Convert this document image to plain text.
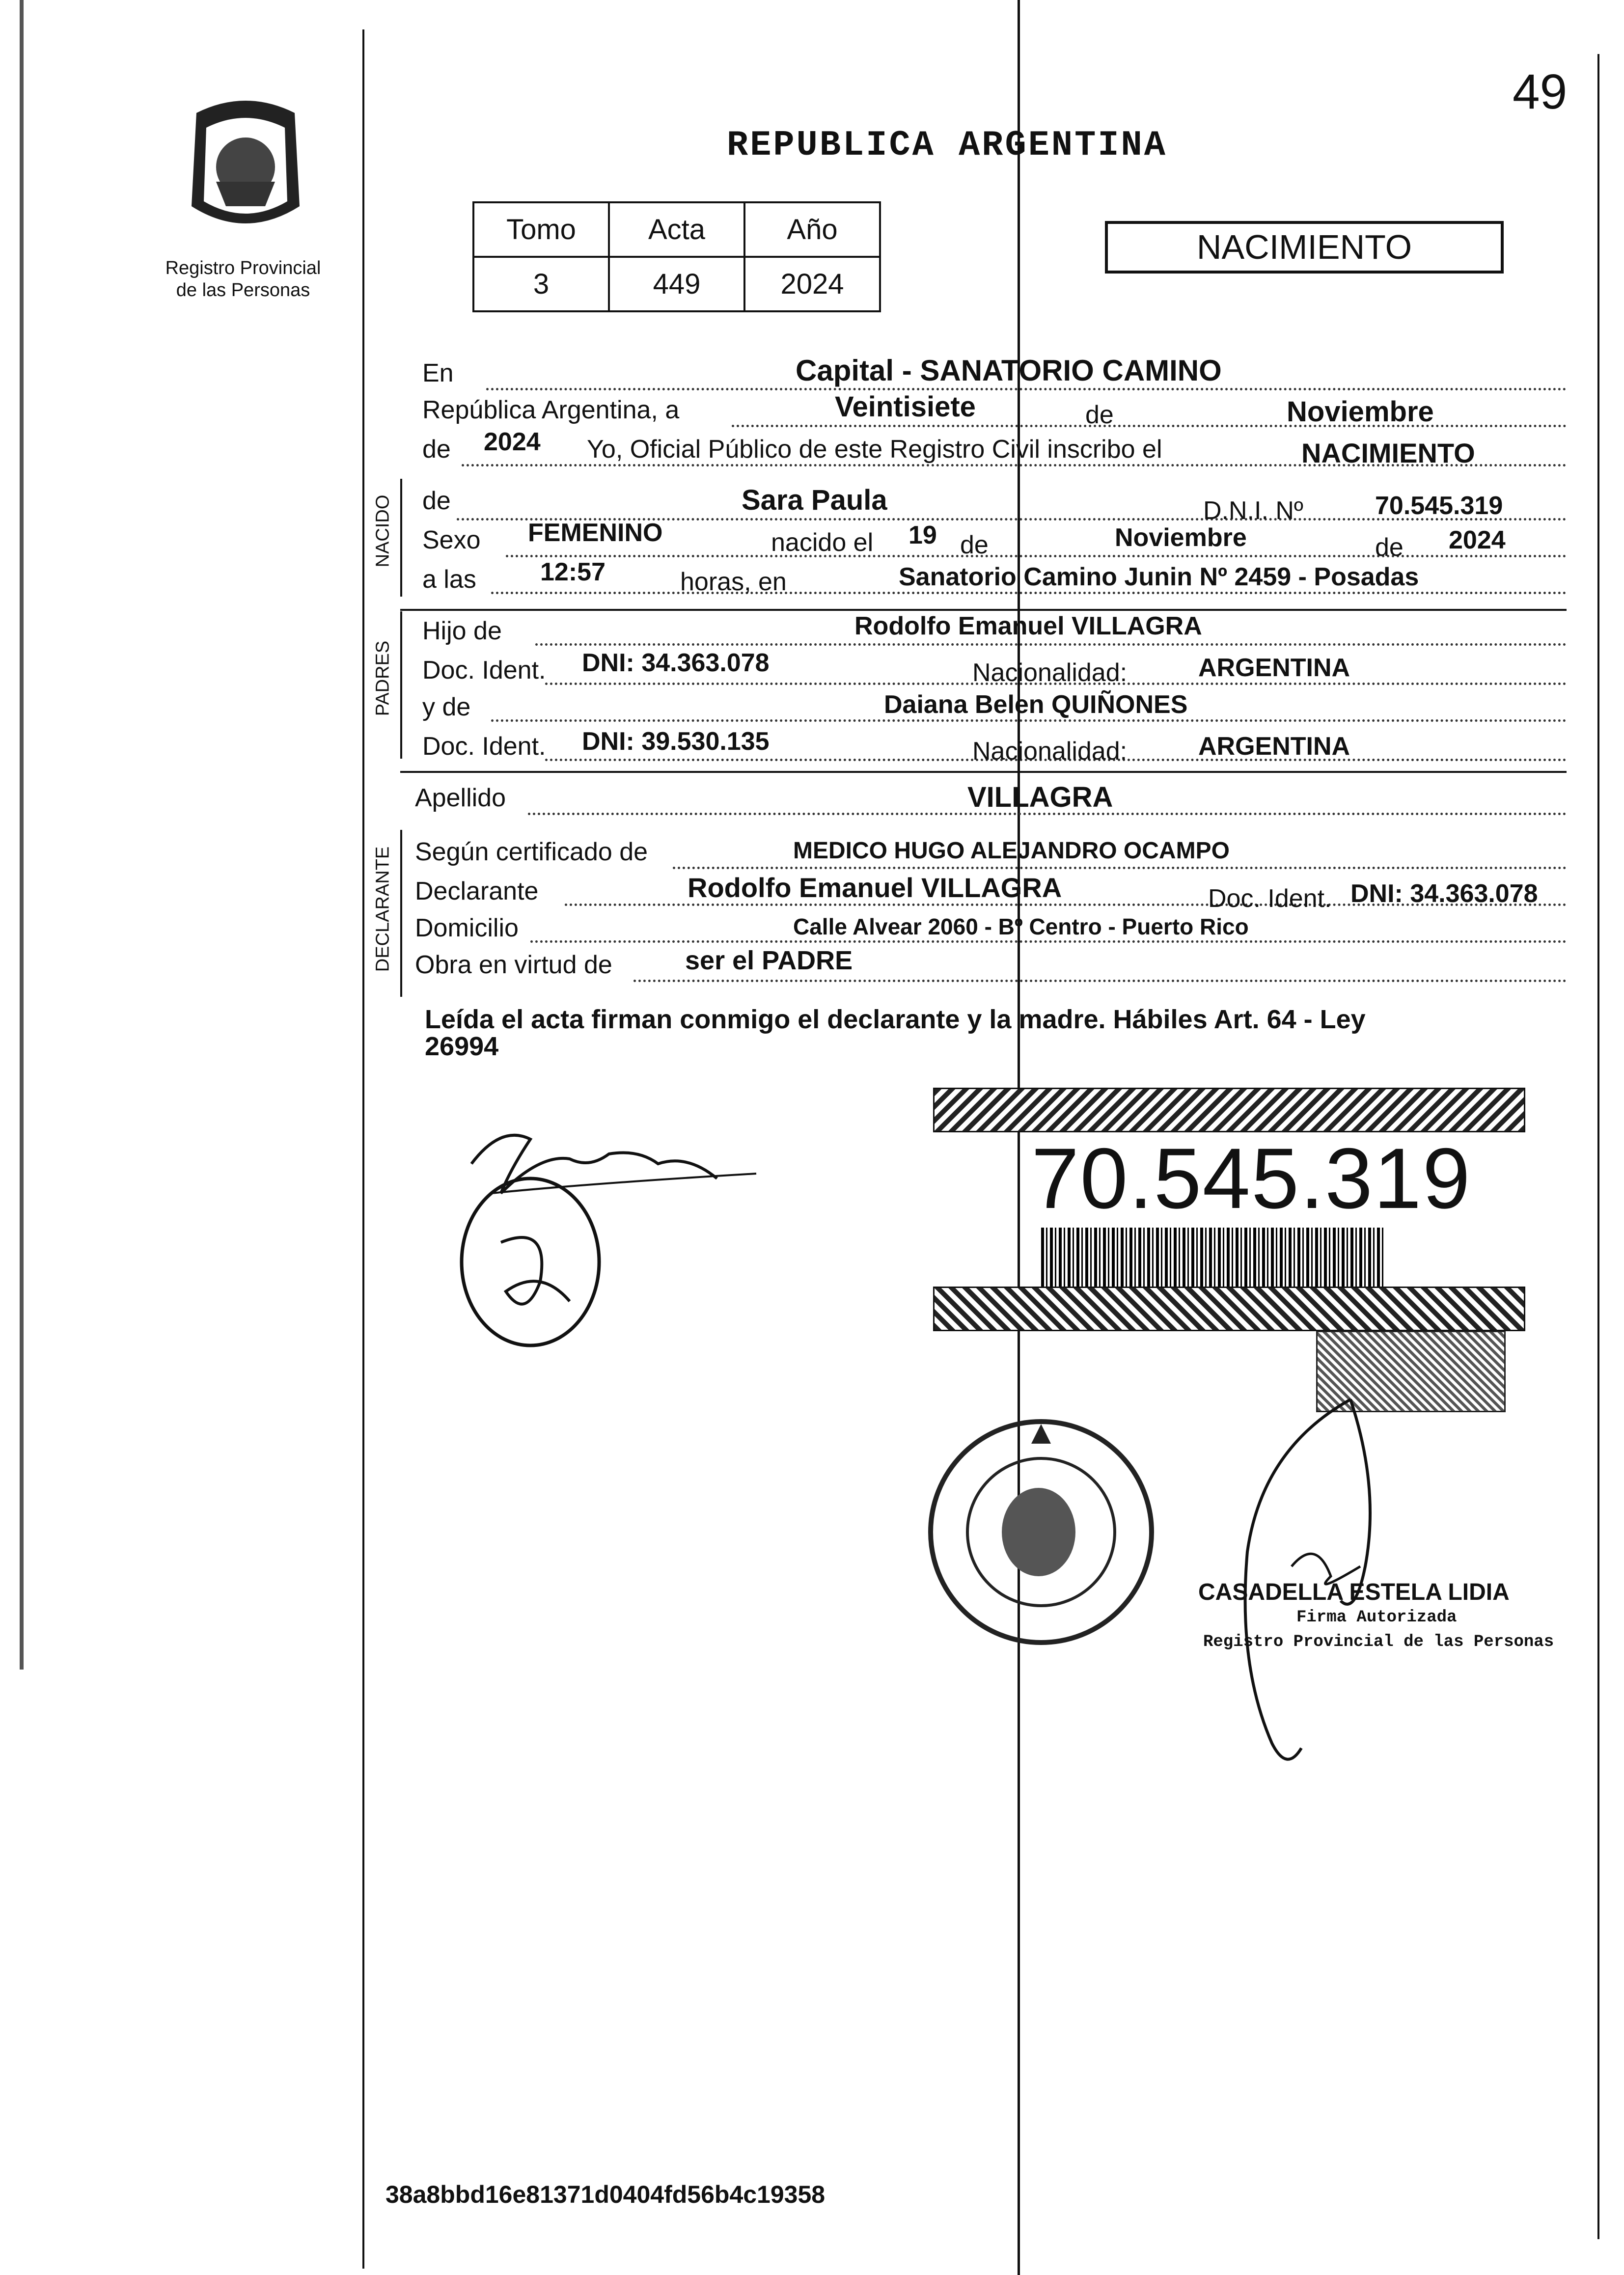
49
Registro Provincial
de las Personas
REPUBLICA ARGENTINA
Tomo	Acta	Año
3	449	2024
NACIMIENTO
En	Capital - SANATORIO CAMINO
República Argentina, a	Veintisiete	de	Noviembre
de 2024 Yo, Oficial Público de este Registro Civil inscribo el	NACIMIENTO
NACIDO de	Sara Paula	D.N.I. Nº	70.545.319
Sexo FEMENINO	nacido el 19 de	Noviembre	de 2024
a las	12:57	horas, en	Sanatorio Camino Junin Nº 2459 - Posadas
PADRES
Hijo de	Rodolfo Emanuel VILLAGRA
Doc. Ident. DNI: 34.363.078	Nacionalidad:	ARGENTINA
y de	Daiana Belen QUIÑONES
Doc. Ident. DNI: 39.530.135	Nacionalidad:	ARGENTINA
Apellido	VILLAGRA
DECLARANTE Según certificado de	MEDICO HUGO ALEJANDRO OCAMPO
Declarante	Rodolfo Emanuel VILLAGRA	Doc. Ident. DNI: 34.363.078
Domicilio	Calle Alvear 2060 - Bº Centro - Puerto Rico
Obra en virtud de	ser el PADRE
Leída el acta firman conmigo el declarante y la madre. Hábiles Art. 64 - Ley
26994
70.545.319
CASADELLA ESTELA LIDIA
Firma Autorizada
Registro Provincial de las Personas
38a8bbd16e81371d0404fd56b4c19358
